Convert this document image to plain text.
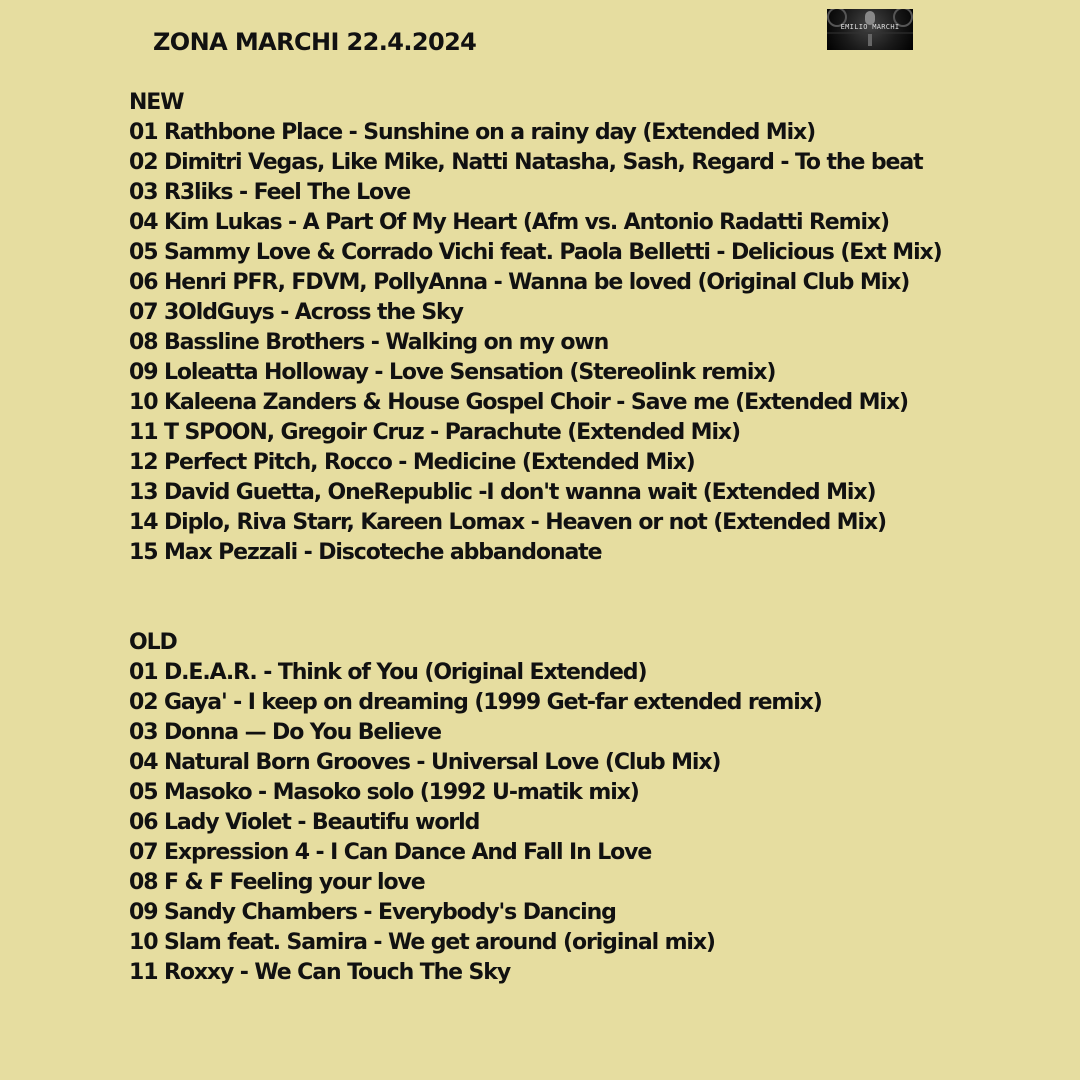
ZONA MARCHI 22.4.2024
EMILIO MARCHI
NEW
01 Rathbone Place - Sunshine on a rainy day (Extended Mix)
02 Dimitri Vegas, Like Mike, Natti Natasha, Sash, Regard - To the beat
03 R3liks - Feel The Love
04 Kim Lukas - A Part Of My Heart (Afm vs. Antonio Radatti Remix)
05 Sammy Love & Corrado Vichi feat. Paola Belletti - Delicious (Ext Mix)
06 Henri PFR, FDVM, PollyAnna - Wanna be loved (Original Club Mix)
07 3OldGuys - Across the Sky
08 Bassline Brothers - Walking on my own
09 Loleatta Holloway - Love Sensation (Stereolink remix)
10 Kaleena Zanders & House Gospel Choir - Save me (Extended Mix)
11 T SPOON, Gregoir Cruz - Parachute (Extended Mix)
12 Perfect Pitch, Rocco - Medicine (Extended Mix)
13 David Guetta, OneRepublic -I don't wanna wait (Extended Mix)
14 Diplo, Riva Starr, Kareen Lomax - Heaven or not (Extended Mix)
15 Max Pezzali - Discoteche abbandonate
OLD
01 D.E.A.R. - Think of You (Original Extended)
02 Gaya' - I keep on dreaming (1999 Get-far extended remix)
03 Donna — Do You Believe
04 Natural Born Grooves - Universal Love (Club Mix)
05 Masoko - Masoko solo (1992 U-matik mix)
06 Lady Violet - Beautifu world
07 Expression 4 - I Can Dance And Fall In Love
08 F & F Feeling your love
09 Sandy Chambers - Everybody's Dancing
10 Slam feat. Samira - We get around (original mix)
11 Roxxy - We Can Touch The Sky
